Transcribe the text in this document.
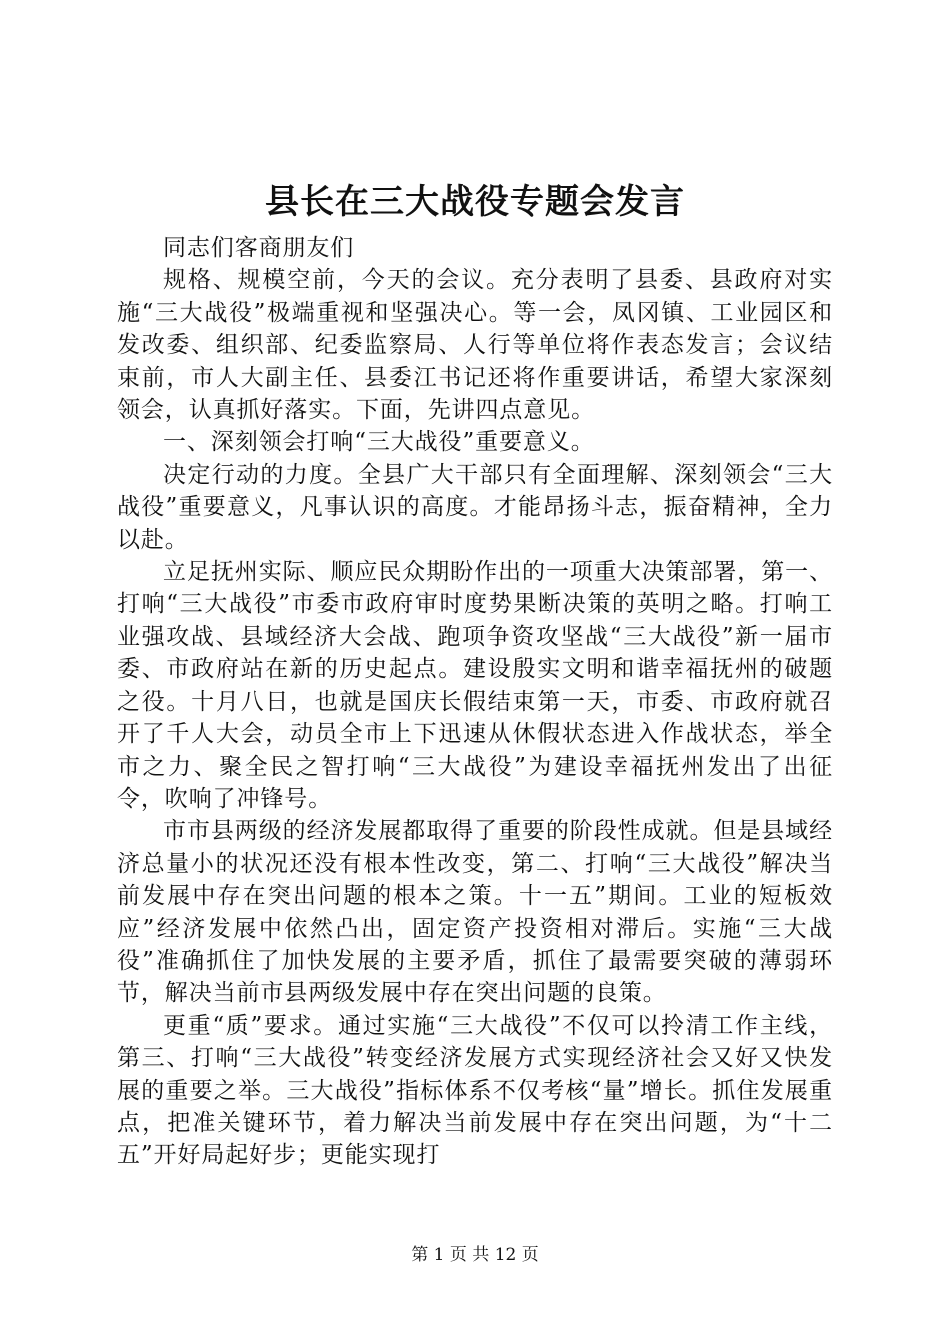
县长在三大战役专题会发言

同志们客商朋友们

规格、规模空前，今天的会议。充分表明了县委、县政府对实施“三大战役”极端重视和坚强决心。等一会，凤冈镇、工业园区和发改委、组织部、纪委监察局、人行等单位将作表态发言；会议结束前，市人大副主任、县委江书记还将作重要讲话，希望大家深刻领会，认真抓好落实。下面，先讲四点意见。

一、深刻领会打响“三大战役”重要意义。

决定行动的力度。全县广大干部只有全面理解、深刻领会“三大战役”重要意义，凡事认识的高度。才能昂扬斗志，振奋精神，全力以赴。

立足抚州实际、顺应民众期盼作出的一项重大决策部署，第一、打响“三大战役”市委市政府审时度势果断决策的英明之略。打响工业强攻战、县域经济大会战、跑项争资攻坚战“三大战役”新一届市委、市政府站在新的历史起点。建设殷实文明和谐幸福抚州的破题之役。十月八日，也就是国庆长假结束第一天，市委、市政府就召开了千人大会，动员全市上下迅速从休假状态进入作战状态，举全市之力、聚全民之智打响“三大战役”为建设幸福抚州发出了出征令，吹响了冲锋号。

市市县两级的经济发展都取得了重要的阶段性成就。但是县域经济总量小的状况还没有根本性改变，第二、打响“三大战役”解决当前发展中存在突出问题的根本之策。十一五”期间。工业的短板效应”经济发展中依然凸出，固定资产投资相对滞后。实施“三大战役”准确抓住了加快发展的主要矛盾，抓住了最需要突破的薄弱环节，解决当前市县两级发展中存在突出问题的良策。

更重“质”要求。通过实施“三大战役”不仅可以拎清工作主线，第三、打响“三大战役”转变经济发展方式实现经济社会又好又快发展的重要之举。三大战役”指标体系不仅考核“量”增长。抓住发展重点，把准关键环节，着力解决当前发展中存在突出问题，为“十二五”开好局起好步；更能实现打

第 1 页 共 12 页
